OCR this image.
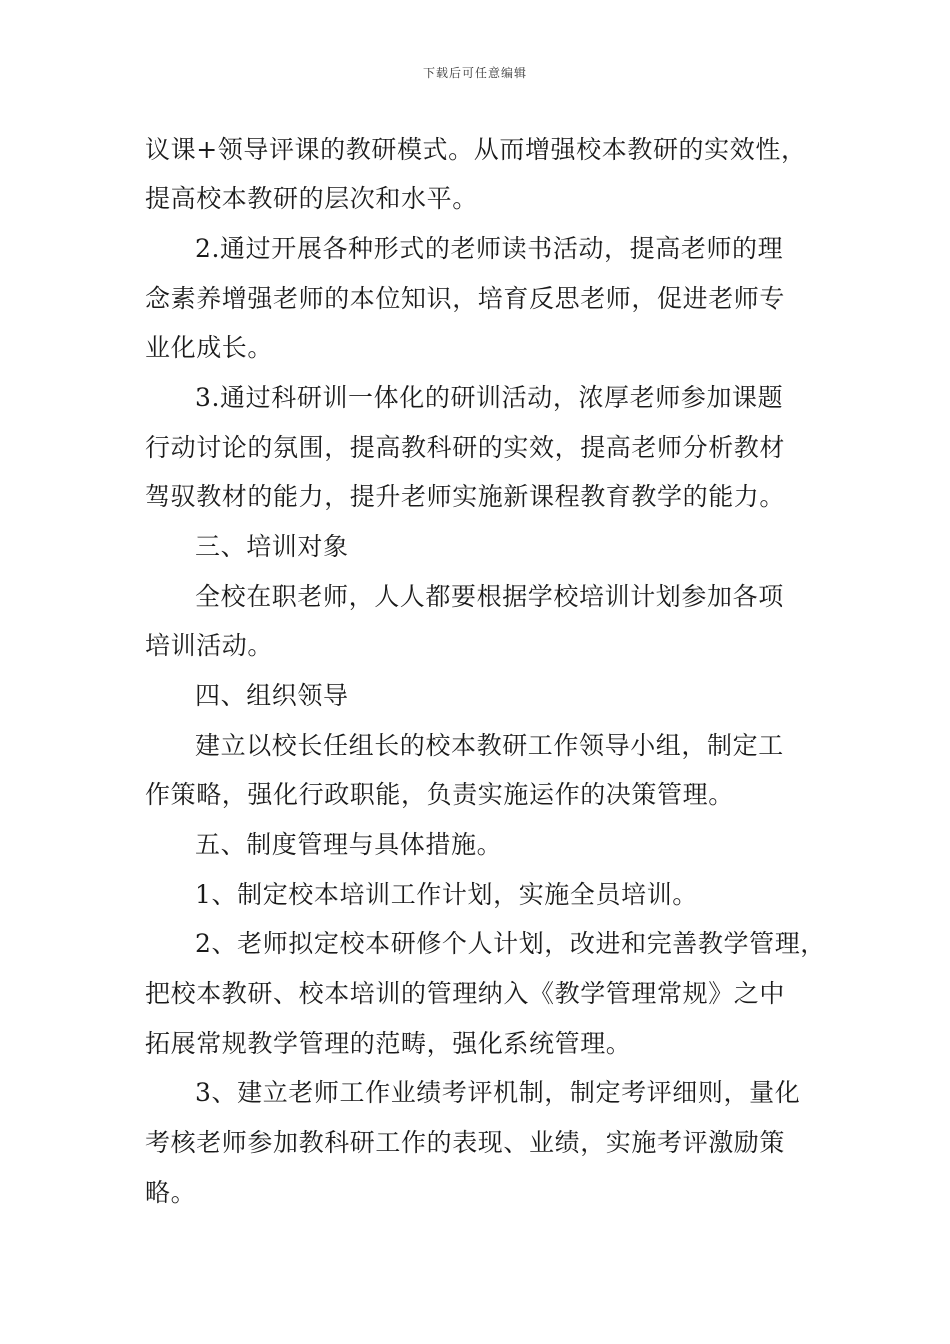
下载后可任意编辑
议课+领导评课的教研模式。从而增强校本教研的实效性，
提高校本教研的层次和水平。
2.通过开展各种形式的老师读书活动，提高老师的理
念素养增强老师的本位知识，培育反思老师，促进老师专
业化成长。
3.通过科研训一体化的研训活动，浓厚老师参加课题
行动讨论的氛围，提高教科研的实效，提高老师分析教材
驾驭教材的能力，提升老师实施新课程教育教学的能力。
三、培训对象
全校在职老师，人人都要根据学校培训计划参加各项
培训活动。
四、组织领导
建立以校长任组长的校本教研工作领导小组，制定工
作策略，强化行政职能，负责实施运作的决策管理。
五、制度管理与具体措施。
1、制定校本培训工作计划，实施全员培训。
2、老师拟定校本研修个人计划，改进和完善教学管理，
把校本教研、校本培训的管理纳入《教学管理常规》之中
拓展常规教学管理的范畴，强化系统管理。
3、建立老师工作业绩考评机制，制定考评细则，量化
考核老师参加教科研工作的表现、业绩，实施考评激励策
略。
